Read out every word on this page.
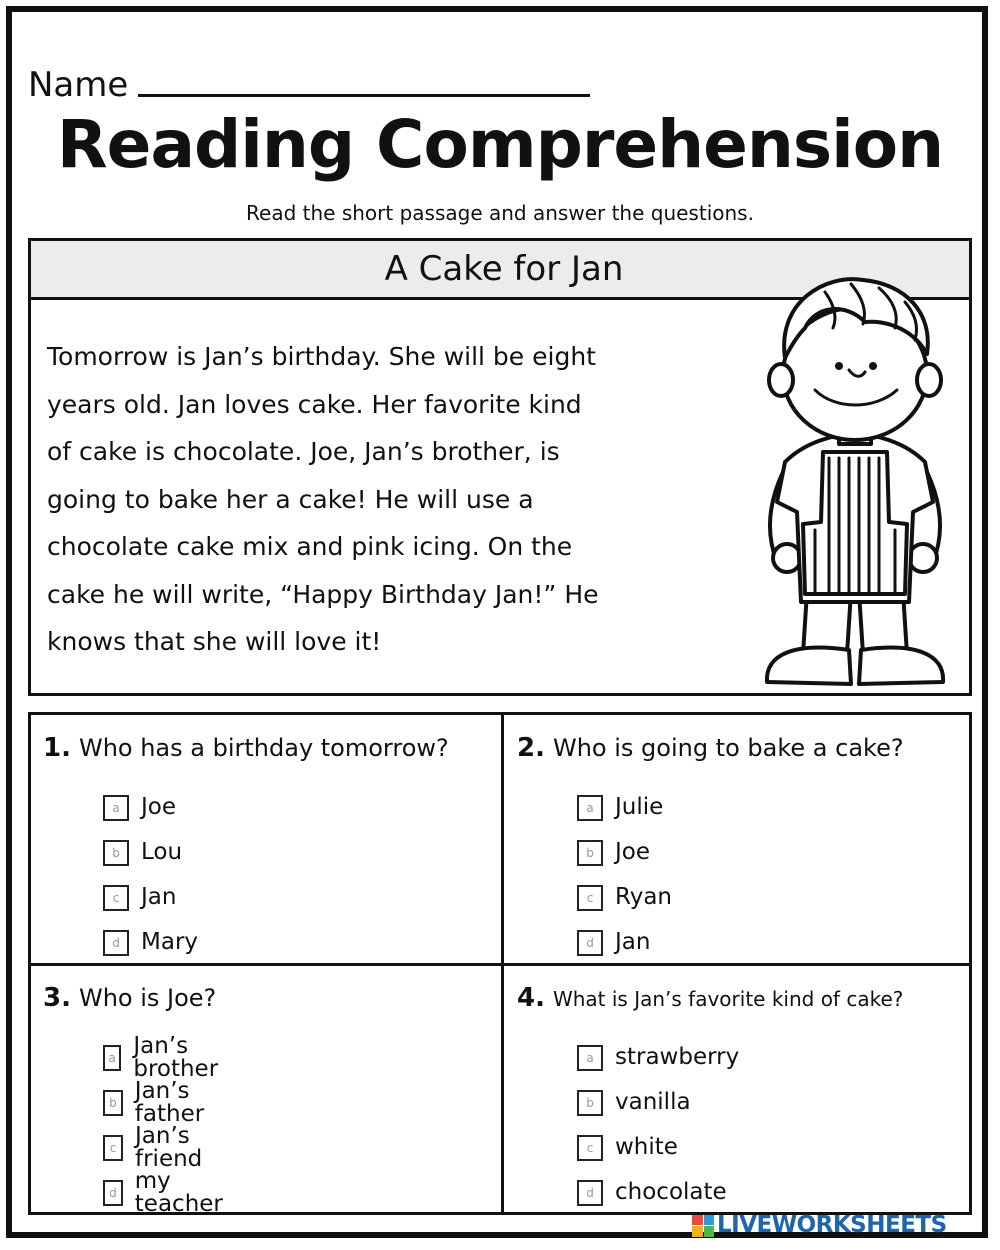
Name
Reading Comprehension
Read the short passage and answer the questions.
A Cake for Jan

Tomorrow is Jan’s birthday. She will be eight
years old. Jan loves cake. Her favorite kind
of cake is chocolate. Joe, Jan’s brother, is
going to bake her a cake! He will use a
chocolate cake mix and pink icing. On the
cake he will write, “Happy Birthday Jan!” He
knows that she will love it!

1. Who has a birthday tomorrow?
a Joe
b Lou
c Jan
d Mary
2. Who is going to bake a cake?
a Julie
b Joe
c Ryan
d Jan
3. Who is Joe?
a Jan’s brother
b Jan’s father
c Jan’s friend
d my teacher
4. What is Jan’s favorite kind of cake?
a strawberry
b vanilla
c white
d chocolate
LIVEWORKSHEETS
